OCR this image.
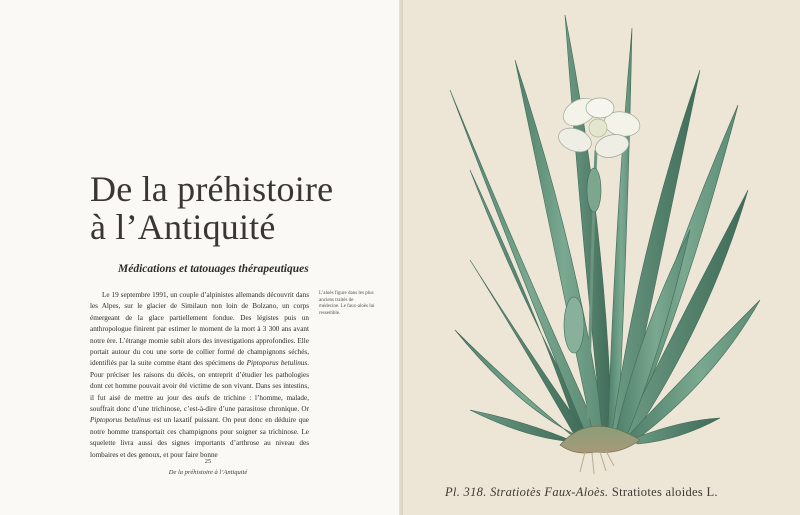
De la préhistoire
à l’Antiquité
Médications et tatouages thérapeutiques

Le 19 septembre 1991, un couple d’alpinistes allemands découvrit dans les Alpes, sur le glacier de Similaun non loin de Bolzano, un corps émergeant de la glace partiellement fondue. Des légistes puis un anthropologue finirent par estimer le moment de la mort à 3 300 ans avant notre ère. L’étrange momie subit alors des investigations approfondies. Elle portait autour du cou une sorte de collier formé de champignons séchés, identifiés par la suite comme étant des spécimens de Piptoporus betulinus. Pour préciser les raisons du décès, on entreprit d’étudier les pathologies dont cet homme pouvait avoir été victime de son vivant. Dans ses intestins, il fut aisé de mettre au jour des œufs de trichine : l’homme, malade, souffrait donc d’une trichinose, c’est-à-dire d’une parasitose chronique. Or Piptoporus betulinus est un laxatif puissant. On peut donc en déduire que notre homme transportait ces champignons pour soigner sa trichinose. Le squelette livra aussi des signes importants d’arthrose au niveau des lombaires et des genoux, et pour faire bonne

L’aloès figure dans les plus anciens traités de médecine. Le faux-aloès lui ressemble.

25
De la préhistoire à l’Antiquité

Pl. 318. Stratiotès Faux-Aloès. Stratiotes aloides L.
